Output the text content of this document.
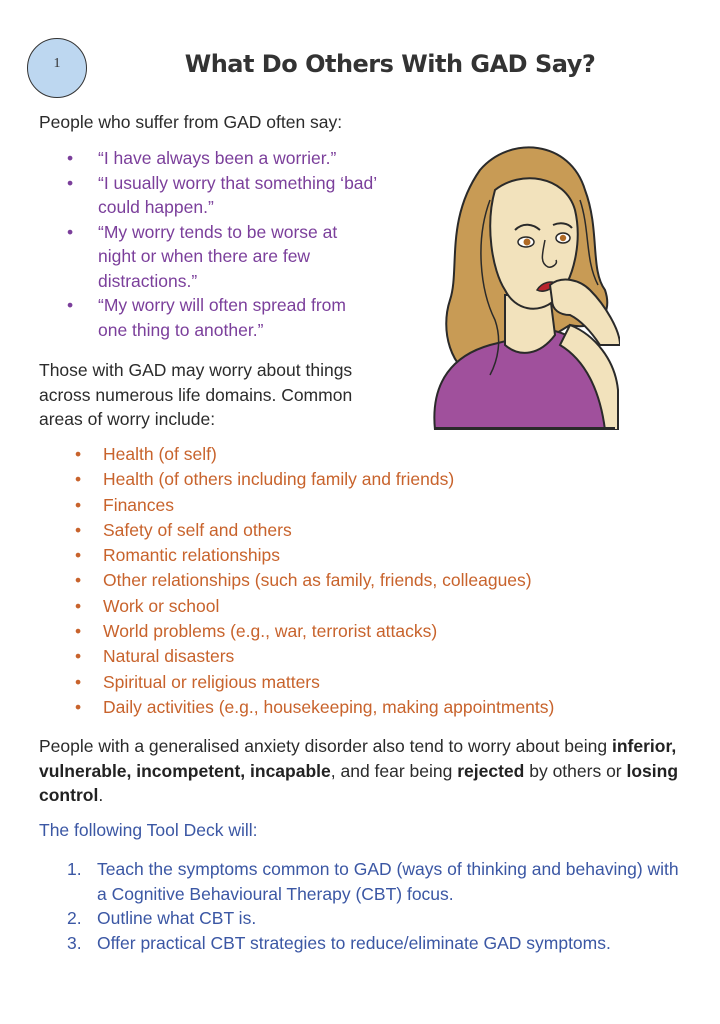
1	What Do Others With GAD Say?
People who suffer from GAD often say:
• “I have always been a worrier.”
• “I usually worry that something ‘bad’ could happen.”
• “My worry tends to be worse at night or when there are few distractions.”
• “My worry will often spread from one thing to another.”
Those with GAD may worry about things across numerous life domains. Common areas of worry include:
• Health (of self)
• Health (of others including family and friends)
• Finances
• Safety of self and others
• Romantic relationships
• Other relationships (such as family, friends, colleagues)
• Work or school
• World problems (e.g., war, terrorist attacks)
• Natural disasters
• Spiritual or religious matters
• Daily activities (e.g., housekeeping, making appointments)
People with a generalised anxiety disorder also tend to worry about being inferior, vulnerable, incompetent, incapable, and fear being rejected by others or losing control.
The following Tool Deck will:
1. Teach the symptoms common to GAD (ways of thinking and behaving) with a Cognitive Behavioural Therapy (CBT) focus.
2. Outline what CBT is.
3. Offer practical CBT strategies to reduce/eliminate GAD symptoms.
